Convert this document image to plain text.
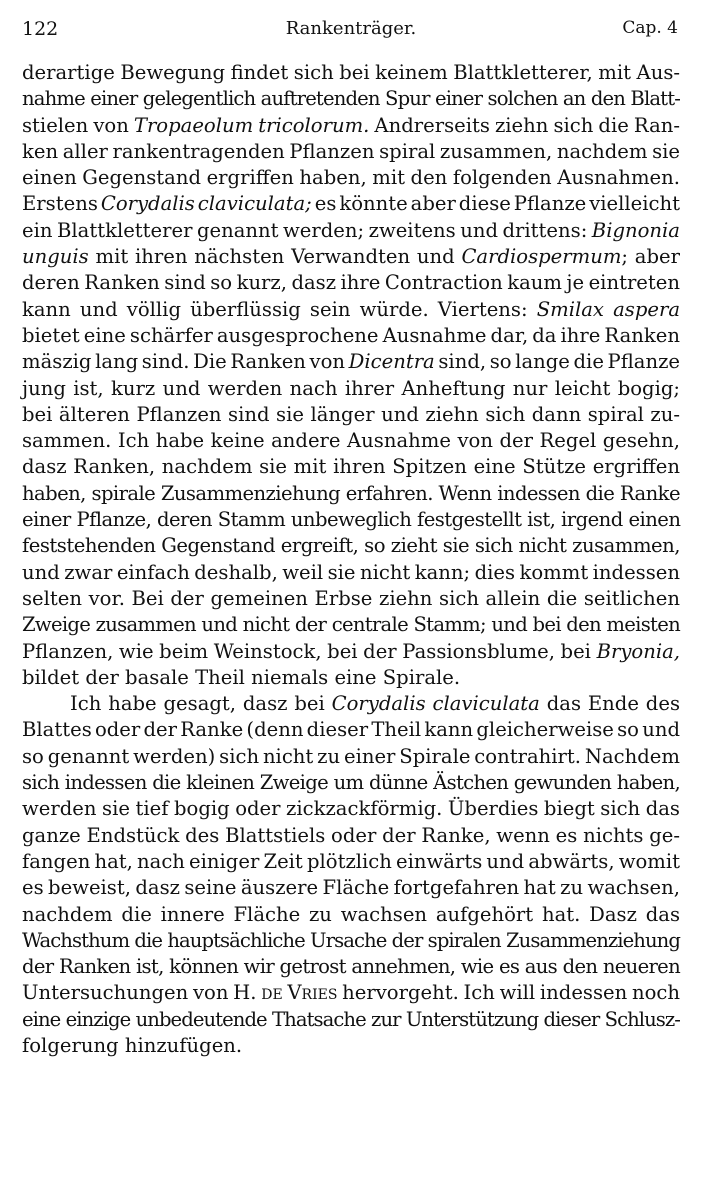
122	Rankenträger.	Cap. 4
derartige Bewegung findet sich bei keinem Blattkletterer, mit Aus-
nahme einer gelegentlich auftretenden Spur einer solchen an den Blatt-
stielen von Tropaeolum tricolorum. Andrerseits ziehn sich die Ran-
ken aller rankentragenden Pflanzen spiral zusammen, nachdem sie
einen Gegenstand ergriffen haben, mit den folgenden Ausnahmen.
Erstens Corydalis claviculata; es könnte aber diese Pflanze vielleicht
ein Blattkletterer genannt werden; zweitens und drittens: Bignonia
unguis mit ihren nächsten Verwandten und Cardiospermum; aber
deren Ranken sind so kurz, dasz ihre Contraction kaum je eintreten
kann und völlig überflüssig sein würde. Viertens: Smilax aspera
bietet eine schärfer ausgesprochene Ausnahme dar, da ihre Ranken
mäszig lang sind. Die Ranken von Dicentra sind, so lange die Pflanze
jung ist, kurz und werden nach ihrer Anheftung nur leicht bogig;
bei älteren Pflanzen sind sie länger und ziehn sich dann spiral zu-
sammen. Ich habe keine andere Ausnahme von der Regel gesehn,
dasz Ranken, nachdem sie mit ihren Spitzen eine Stütze ergriffen
haben, spirale Zusammenziehung erfahren. Wenn indessen die Ranke
einer Pflanze, deren Stamm unbeweglich festgestellt ist, irgend einen
feststehenden Gegenstand ergreift, so zieht sie sich nicht zusammen,
und zwar einfach deshalb, weil sie nicht kann; dies kommt indessen
selten vor. Bei der gemeinen Erbse ziehn sich allein die seitlichen
Zweige zusammen und nicht der centrale Stamm; und bei den meisten
Pflanzen, wie beim Weinstock, bei der Passionsblume, bei Bryonia,
bildet der basale Theil niemals eine Spirale.
Ich habe gesagt, dasz bei Corydalis claviculata das Ende des
Blattes oder der Ranke (denn dieser Theil kann gleicherweise so und
so genannt werden) sich nicht zu einer Spirale contrahirt. Nachdem
sich indessen die kleinen Zweige um dünne Ästchen gewunden haben,
werden sie tief bogig oder zickzackförmig. Überdies biegt sich das
ganze Endstück des Blattstiels oder der Ranke, wenn es nichts ge-
fangen hat, nach einiger Zeit plötzlich einwärts und abwärts, womit
es beweist, dasz seine äuszere Fläche fortgefahren hat zu wachsen,
nachdem die innere Fläche zu wachsen aufgehört hat. Dasz das
Wachsthum die hauptsächliche Ursache der spiralen Zusammenziehung
der Ranken ist, können wir getrost annehmen, wie es aus den neueren
Untersuchungen von H. de Vries hervorgeht. Ich will indessen noch
eine einzige unbedeutende Thatsache zur Unterstützung dieser Schlusz-
folgerung hinzufügen.
